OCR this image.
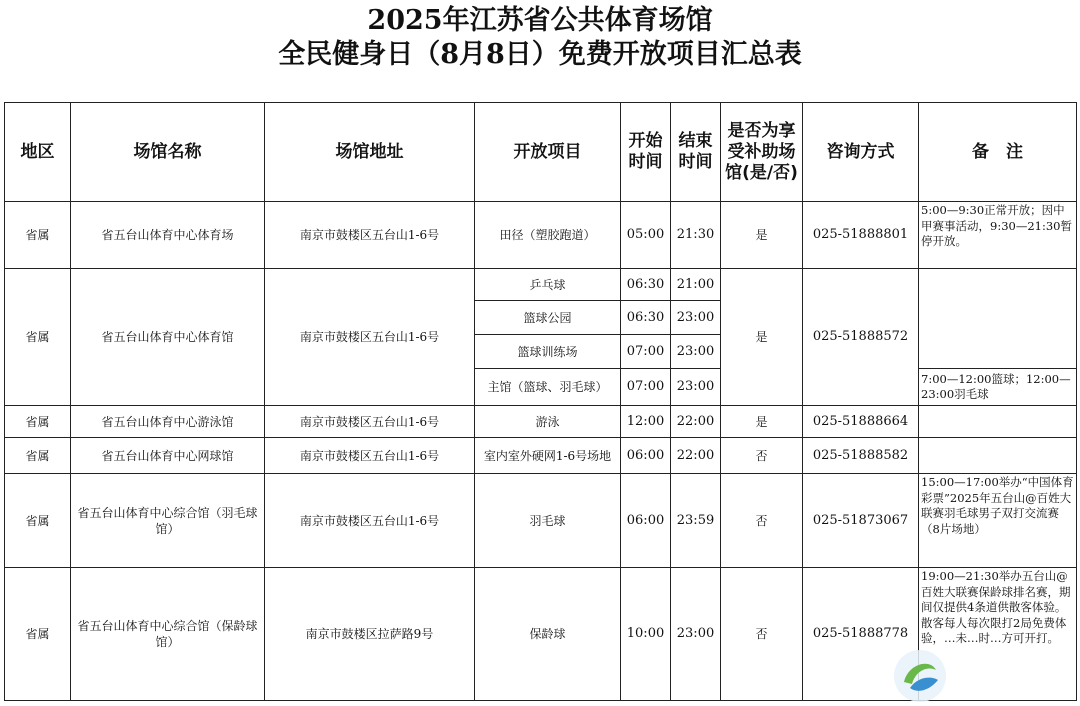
2025年江苏省公共体育场馆
全民健身日（8月8日）免费开放项目汇总表
地区	场馆名称	场馆地址	开放项目	开始时间	结束时间	是否为享受补助场馆(是/否)	咨询方式	备　注
省属	省五台山体育中心体育场	南京市鼓楼区五台山1-6号	田径（塑胶跑道）	05:00	21:30	是	025-51888801	5:00—9:30正常开放；因中甲赛事活动，9:30—21:30暂停开放。
省属	省五台山体育中心体育馆	南京市鼓楼区五台山1-6号	乒乓球	06:30	21:00	是	025-51888572	
			篮球公园	06:30	23:00			
			篮球训练场	07:00	23:00			
			主馆（篮球、羽毛球）	07:00	23:00			7:00—12:00篮球；12:00—23:00羽毛球
省属	省五台山体育中心游泳馆	南京市鼓楼区五台山1-6号	游泳	12:00	22:00	是	025-51888664	
省属	省五台山体育中心网球馆	南京市鼓楼区五台山1-6号	室内室外硬网1-6号场地	06:00	22:00	否	025-51888582	
省属	省五台山体育中心综合馆（羽毛球馆）	南京市鼓楼区五台山1-6号	羽毛球	06:00	23:59	否	025-51873067	15:00—17:00举办“中国体育彩票”2025年五台山@百姓大联赛羽毛球男子双打交流赛（8片场地）
省属	省五台山体育中心综合馆（保龄球馆）	南京市鼓楼区拉萨路9号	保龄球	10:00	23:00	否	025-51888778	19:00—21:30举办五台山@百姓大联赛保龄球排名赛，期间仅提供4条道供散客体验。散客每人每次限打2局免费体验，…未…时…方可开打。
